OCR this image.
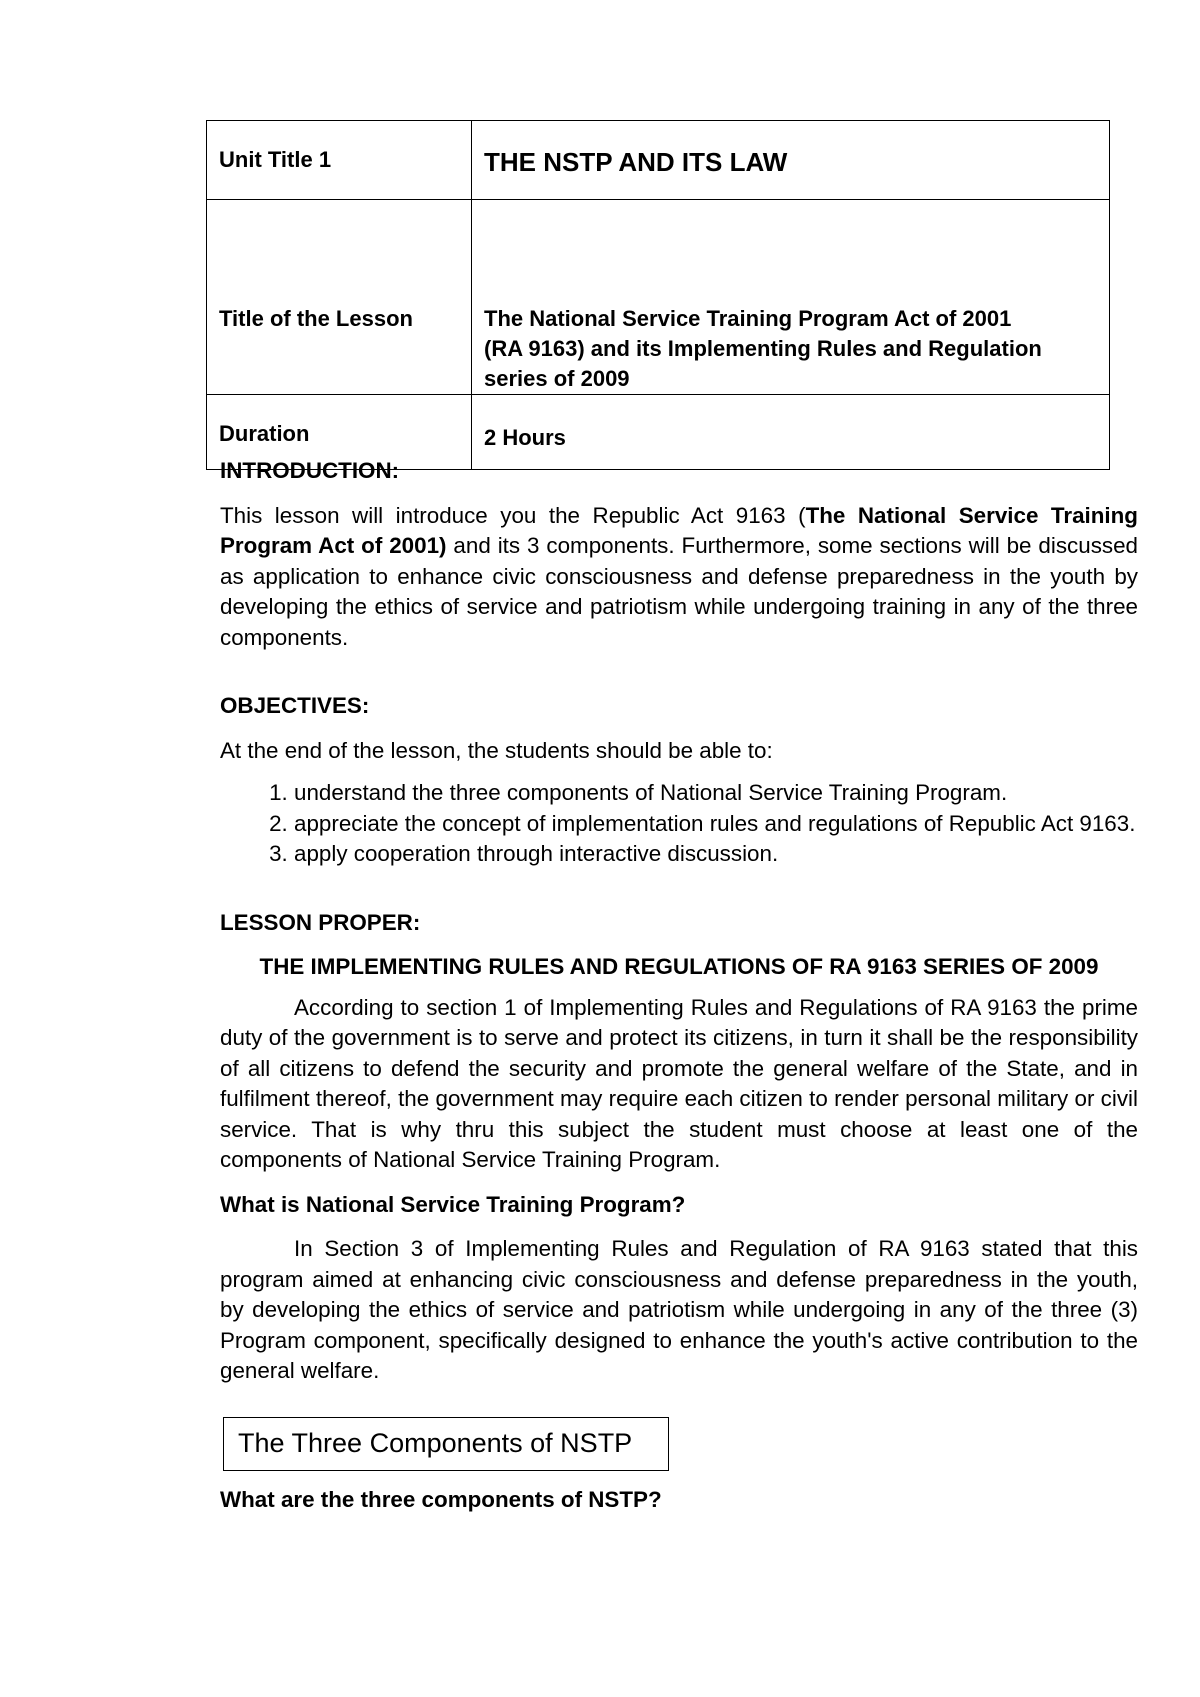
Unit Title 1	THE NSTP AND ITS LAW

Title of the Lesson	The National Service Training Program Act of 2001
(RA 9163) and its Implementing Rules and Regulation
series of 2009

Duration	2 Hours

INTRODUCTION:

This lesson will introduce you the Republic Act 9163 (The National Service Training Program Act of 2001) and its 3 components. Furthermore, some sections will be discussed as application to enhance civic consciousness and defense preparedness in the youth by developing the ethics of service and patriotism while undergoing training in any of the three components.

OBJECTIVES:

At the end of the lesson, the students should be able to:

1. understand the three components of National Service Training Program.
2. appreciate the concept of implementation rules and regulations of Republic Act 9163.
3. apply cooperation through interactive discussion.

LESSON PROPER:

THE IMPLEMENTING RULES AND REGULATIONS OF RA 9163 SERIES OF 2009

According to section 1 of Implementing Rules and Regulations of RA 9163 the prime duty of the government is to serve and protect its citizens, in turn it shall be the responsibility of all citizens to defend the security and promote the general welfare of the State, and in fulfilment thereof, the government may require each citizen to render personal military or civil service. That is why thru this subject the student must choose at least one of the components of National Service Training Program.

What is National Service Training Program?

In Section 3 of Implementing Rules and Regulation of RA 9163 stated that this program aimed at enhancing civic consciousness and defense preparedness in the youth, by developing the ethics of service and patriotism while undergoing in any of the three (3) Program component, specifically designed to enhance the youth's active contribution to the general welfare.

The Three Components of NSTP

What are the three components of NSTP?
